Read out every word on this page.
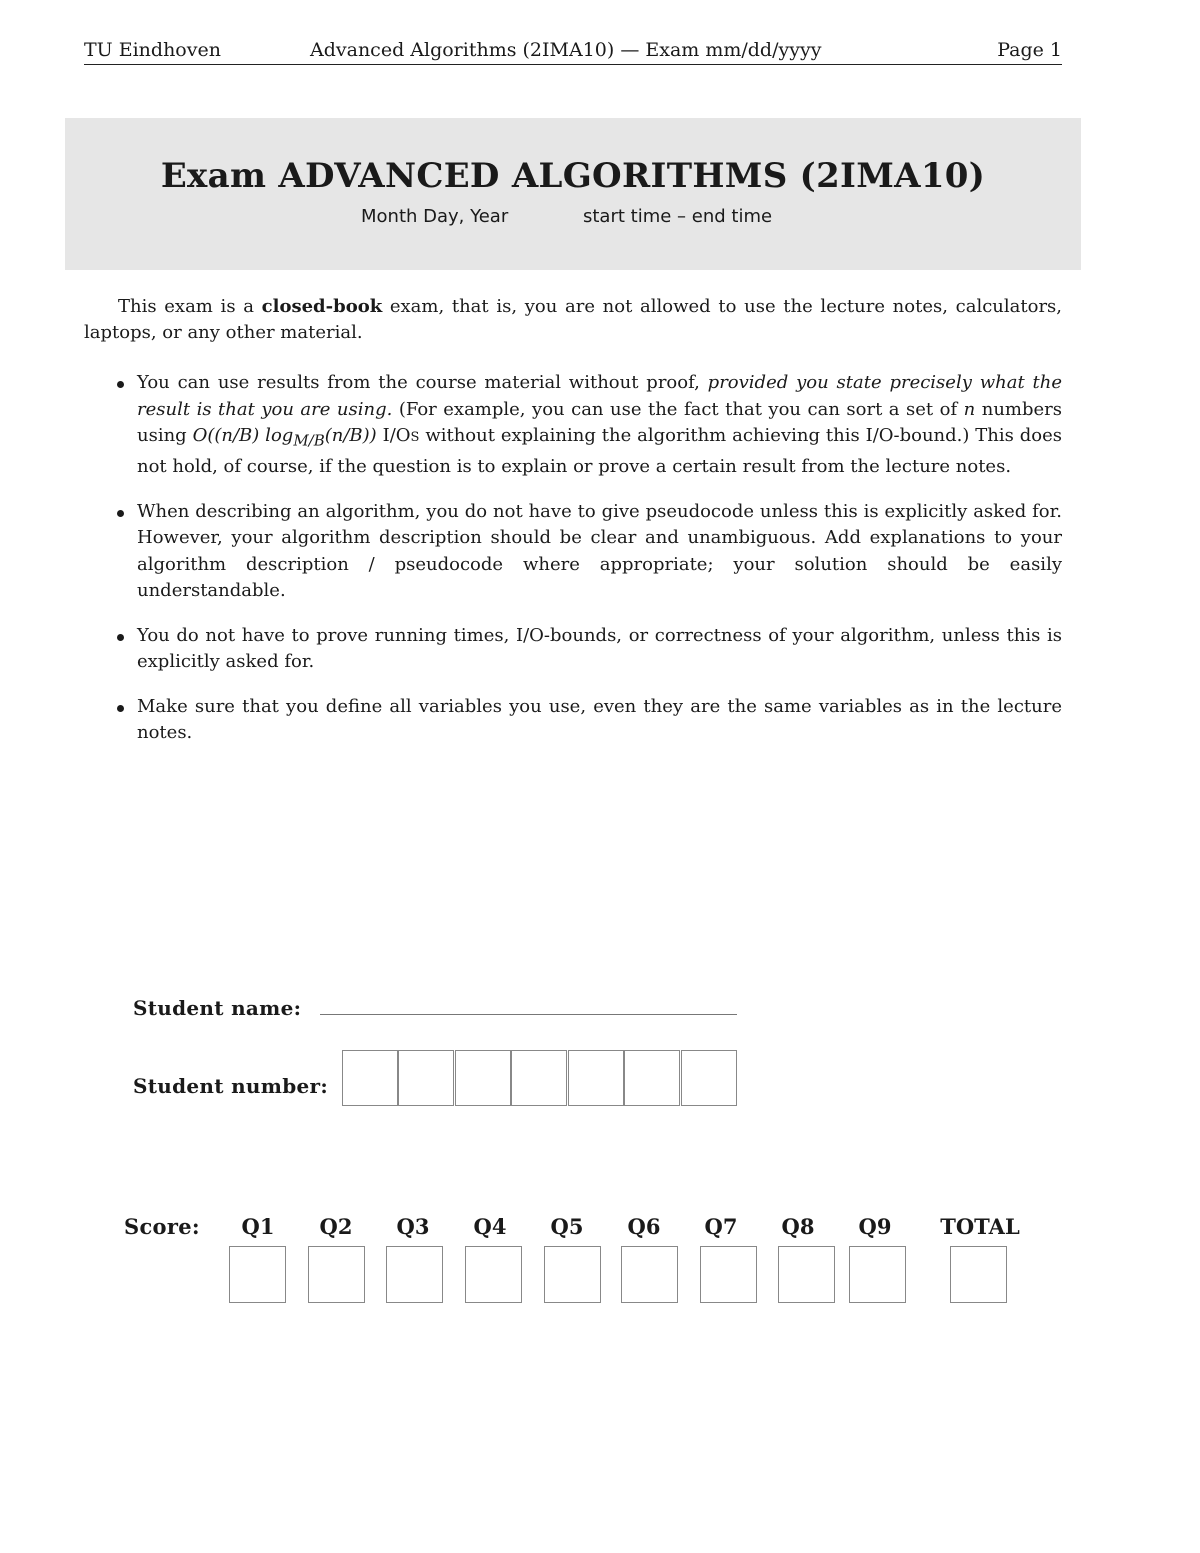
TU Eindhoven	Advanced Algorithms (2IMA10) — Exam mm/dd/yyyy	Page 1
Exam ADVANCED ALGORITHMS (2IMA10)
Month Day, Year	start time – end time
This exam is a closed-book exam, that is, you are not allowed to use the lecture notes, calculators, laptops, or any other material.
You can use results from the course material without proof, provided you state precisely what the result is that you are using. (For example, you can use the fact that you can sort a set of n numbers using O((n/B) $\log_{M/B}(n/B)$) I/Os without explaining the algorithm achieving this I/O-bound.) This does not hold, of course, if the question is to explain or prove a certain result from the lecture notes.
When describing an algorithm, you do not have to give pseudocode unless this is explicitly asked for. However, your algorithm description should be clear and unambiguous. Add explanations to your algorithm description / pseudocode where appropriate; your solution should be easily understandable.
You do not have to prove running times, I/O-bounds, or correctness of your algorithm, unless this is explicitly asked for.
Make sure that you define all variables you use, even they are the same variables as in the lecture notes.
Student name:
Student number:
Score:	Q1	Q2	Q3	Q4	Q5	Q6	Q7	Q8	Q9	TOTAL
